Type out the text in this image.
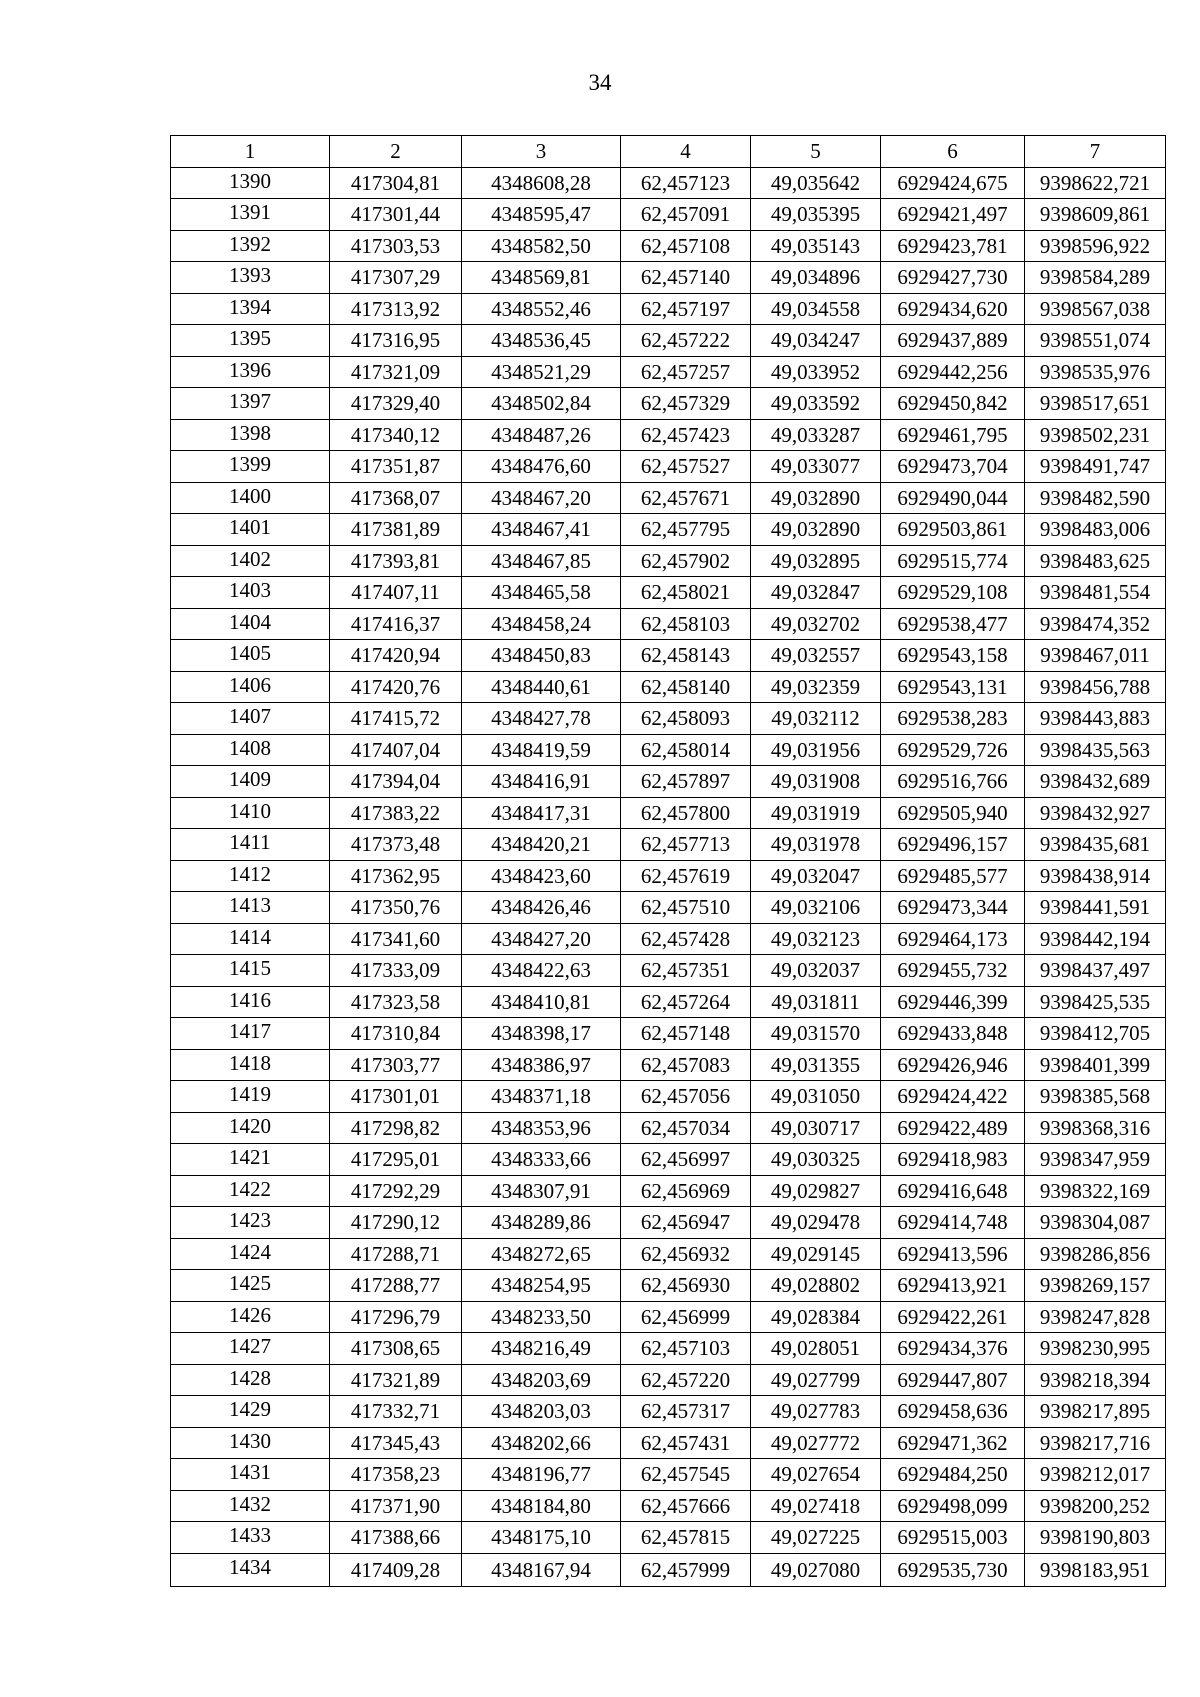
34
1	2	3	4	5	6	7
1390	417304,81	4348608,28	62,457123	49,035642	6929424,675	9398622,721
1391	417301,44	4348595,47	62,457091	49,035395	6929421,497	9398609,861
1392	417303,53	4348582,50	62,457108	49,035143	6929423,781	9398596,922
1393	417307,29	4348569,81	62,457140	49,034896	6929427,730	9398584,289
1394	417313,92	4348552,46	62,457197	49,034558	6929434,620	9398567,038
1395	417316,95	4348536,45	62,457222	49,034247	6929437,889	9398551,074
1396	417321,09	4348521,29	62,457257	49,033952	6929442,256	9398535,976
1397	417329,40	4348502,84	62,457329	49,033592	6929450,842	9398517,651
1398	417340,12	4348487,26	62,457423	49,033287	6929461,795	9398502,231
1399	417351,87	4348476,60	62,457527	49,033077	6929473,704	9398491,747
1400	417368,07	4348467,20	62,457671	49,032890	6929490,044	9398482,590
1401	417381,89	4348467,41	62,457795	49,032890	6929503,861	9398483,006
1402	417393,81	4348467,85	62,457902	49,032895	6929515,774	9398483,625
1403	417407,11	4348465,58	62,458021	49,032847	6929529,108	9398481,554
1404	417416,37	4348458,24	62,458103	49,032702	6929538,477	9398474,352
1405	417420,94	4348450,83	62,458143	49,032557	6929543,158	9398467,011
1406	417420,76	4348440,61	62,458140	49,032359	6929543,131	9398456,788
1407	417415,72	4348427,78	62,458093	49,032112	6929538,283	9398443,883
1408	417407,04	4348419,59	62,458014	49,031956	6929529,726	9398435,563
1409	417394,04	4348416,91	62,457897	49,031908	6929516,766	9398432,689
1410	417383,22	4348417,31	62,457800	49,031919	6929505,940	9398432,927
1411	417373,48	4348420,21	62,457713	49,031978	6929496,157	9398435,681
1412	417362,95	4348423,60	62,457619	49,032047	6929485,577	9398438,914
1413	417350,76	4348426,46	62,457510	49,032106	6929473,344	9398441,591
1414	417341,60	4348427,20	62,457428	49,032123	6929464,173	9398442,194
1415	417333,09	4348422,63	62,457351	49,032037	6929455,732	9398437,497
1416	417323,58	4348410,81	62,457264	49,031811	6929446,399	9398425,535
1417	417310,84	4348398,17	62,457148	49,031570	6929433,848	9398412,705
1418	417303,77	4348386,97	62,457083	49,031355	6929426,946	9398401,399
1419	417301,01	4348371,18	62,457056	49,031050	6929424,422	9398385,568
1420	417298,82	4348353,96	62,457034	49,030717	6929422,489	9398368,316
1421	417295,01	4348333,66	62,456997	49,030325	6929418,983	9398347,959
1422	417292,29	4348307,91	62,456969	49,029827	6929416,648	9398322,169
1423	417290,12	4348289,86	62,456947	49,029478	6929414,748	9398304,087
1424	417288,71	4348272,65	62,456932	49,029145	6929413,596	9398286,856
1425	417288,77	4348254,95	62,456930	49,028802	6929413,921	9398269,157
1426	417296,79	4348233,50	62,456999	49,028384	6929422,261	9398247,828
1427	417308,65	4348216,49	62,457103	49,028051	6929434,376	9398230,995
1428	417321,89	4348203,69	62,457220	49,027799	6929447,807	9398218,394
1429	417332,71	4348203,03	62,457317	49,027783	6929458,636	9398217,895
1430	417345,43	4348202,66	62,457431	49,027772	6929471,362	9398217,716
1431	417358,23	4348196,77	62,457545	49,027654	6929484,250	9398212,017
1432	417371,90	4348184,80	62,457666	49,027418	6929498,099	9398200,252
1433	417388,66	4348175,10	62,457815	49,027225	6929515,003	9398190,803
1434	417409,28	4348167,94	62,457999	49,027080	6929535,730	9398183,951
